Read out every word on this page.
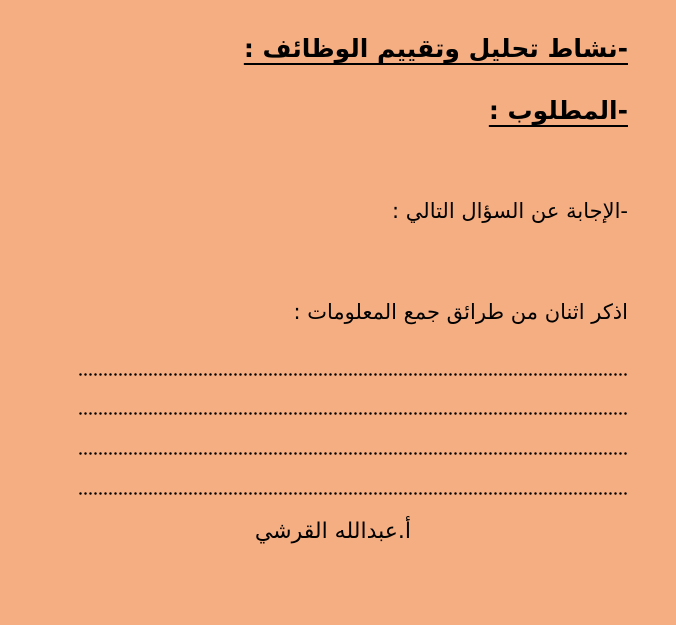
-نشاط تحليل وتقييم الوظائف :
-المطلوب :
-الإجابة عن السؤال التالي :
اذكر اثنان من طرائق جمع المعلومات :
أ.عبدالله القرشي
